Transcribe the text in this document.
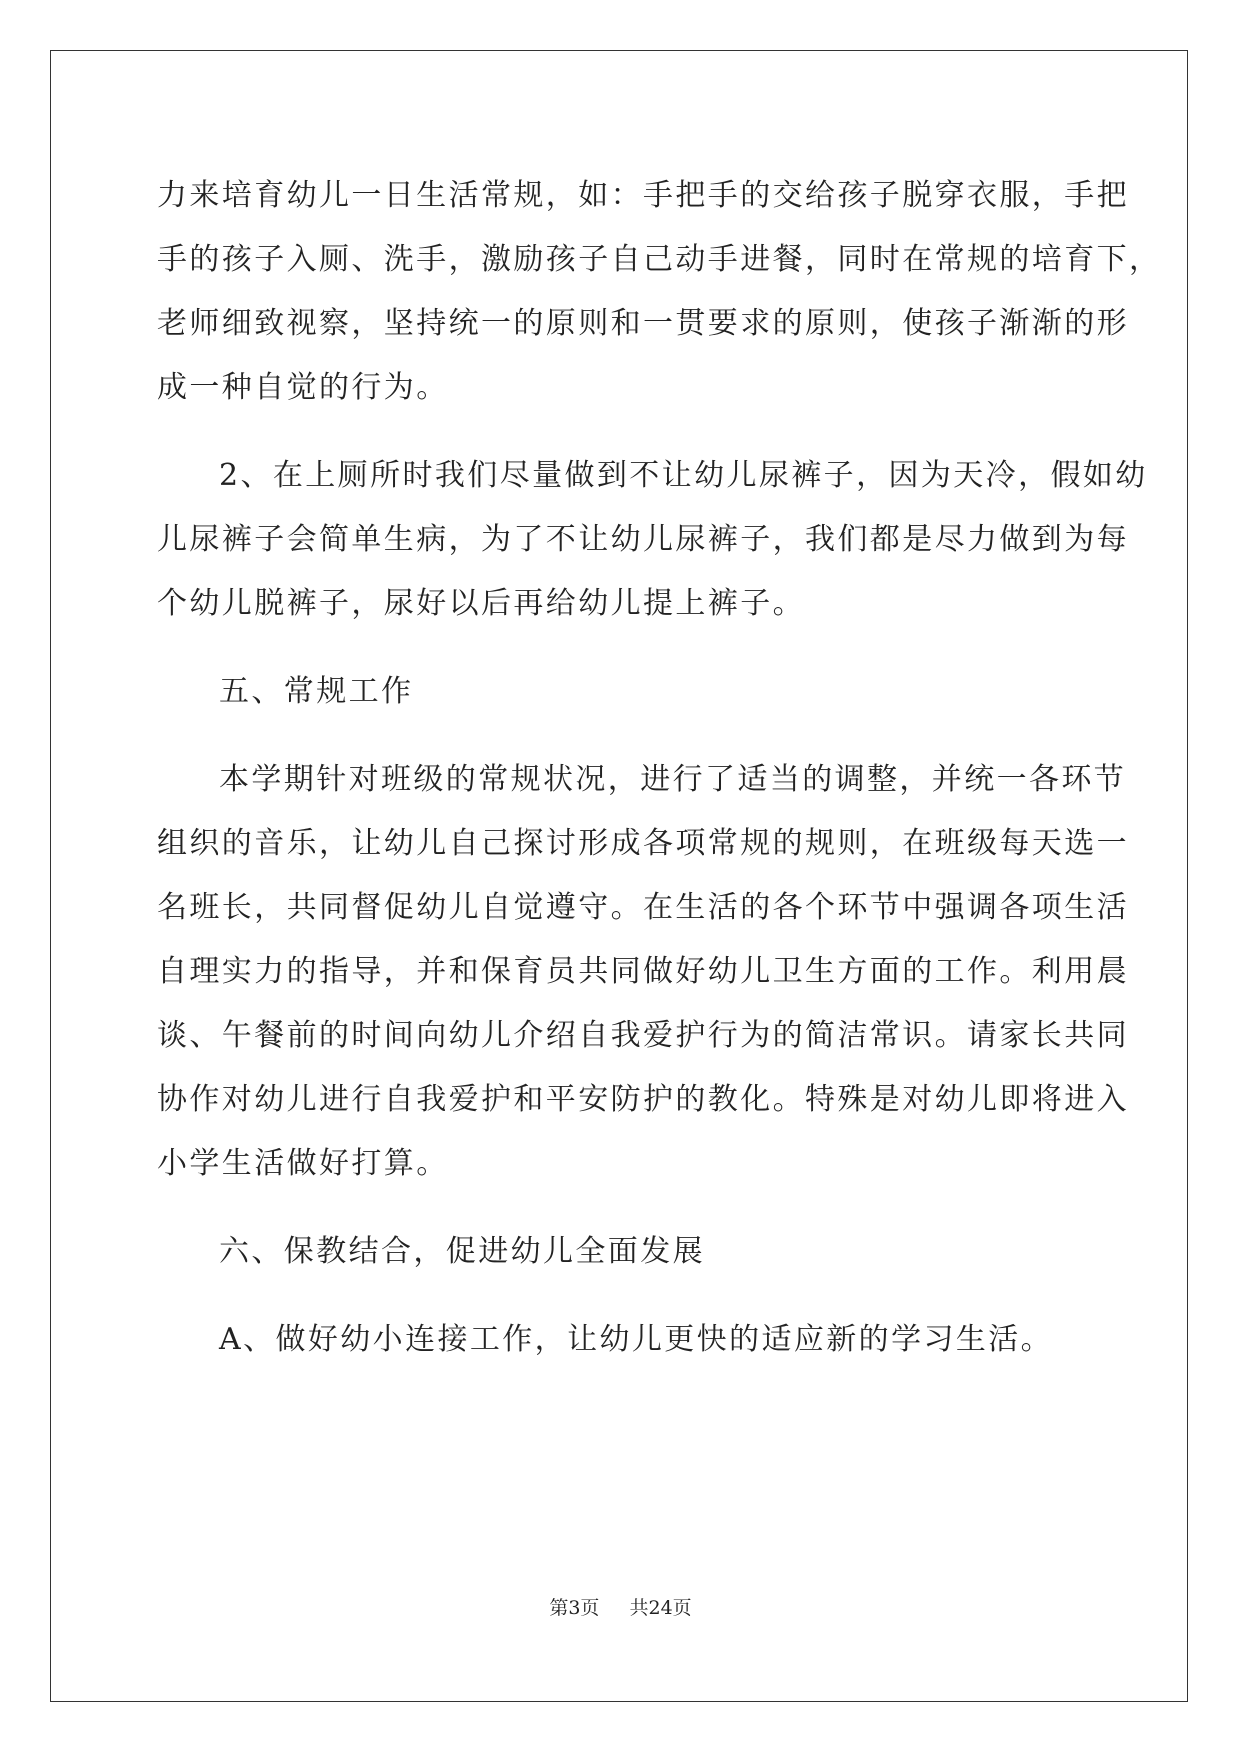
力来培育幼儿一日生活常规，如：手把手的交给孩子脱穿衣服，手把
手的孩子入厕、洗手，激励孩子自己动手进餐，同时在常规的培育下，
老师细致视察，坚持统一的原则和一贯要求的原则，使孩子渐渐的形
成一种自觉的行为。
2、在上厕所时我们尽量做到不让幼儿尿裤子，因为天冷，假如幼
儿尿裤子会简单生病，为了不让幼儿尿裤子，我们都是尽力做到为每
个幼儿脱裤子，尿好以后再给幼儿提上裤子。
五、常规工作
本学期针对班级的常规状况，进行了适当的调整，并统一各环节
组织的音乐，让幼儿自己探讨形成各项常规的规则，在班级每天选一
名班长，共同督促幼儿自觉遵守。在生活的各个环节中强调各项生活
自理实力的指导，并和保育员共同做好幼儿卫生方面的工作。利用晨
谈、午餐前的时间向幼儿介绍自我爱护行为的简洁常识。请家长共同
协作对幼儿进行自我爱护和平安防护的教化。特殊是对幼儿即将进入
小学生活做好打算。
六、保教结合，促进幼儿全面发展
A、做好幼小连接工作，让幼儿更快的适应新的学习生活。
第3页 共24页
